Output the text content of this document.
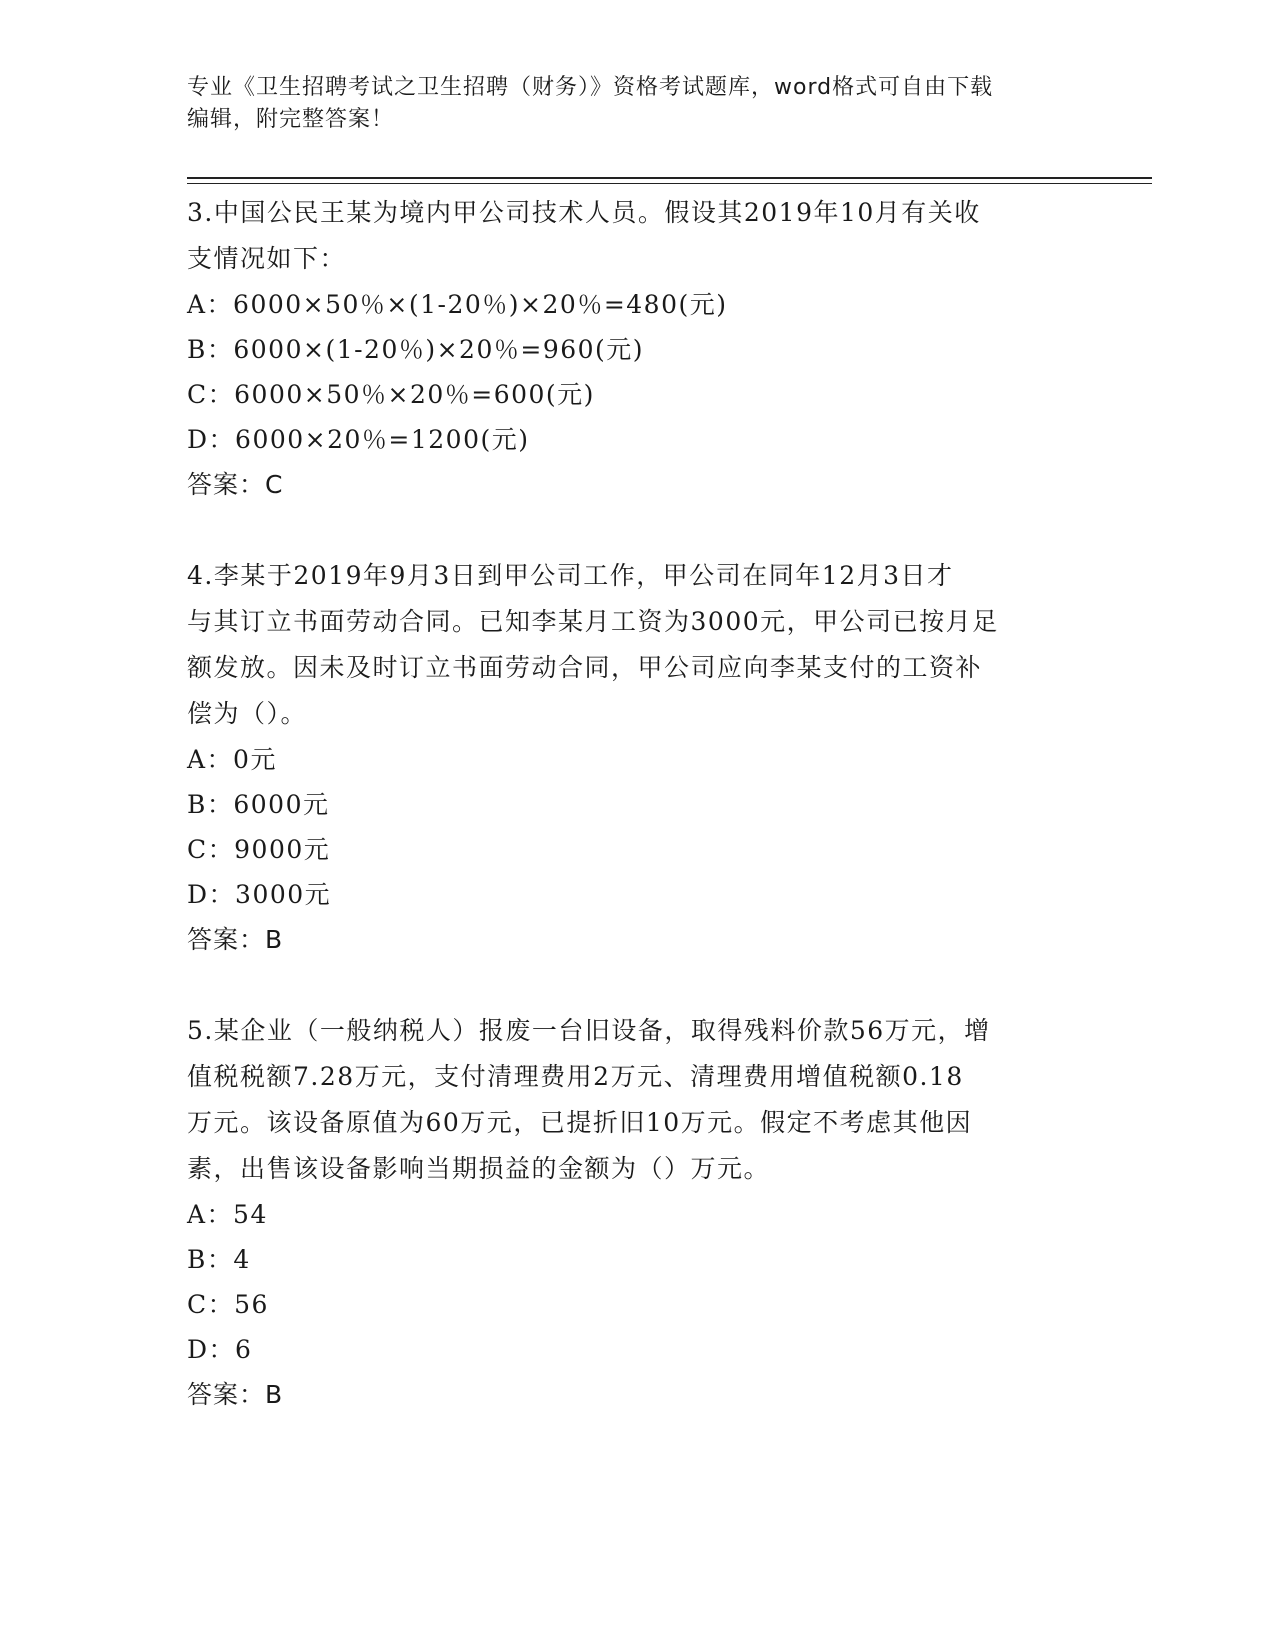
专业《卫生招聘考试之卫生招聘（财务）》资格考试题库，word格式可自由下载

编辑，附完整答案！

3.中国公民王某为境内甲公司技术人员。假设其2019年10月有关收

支情况如下：

A：6000×50％×(1-20％)×20％=480(元)

B：6000×(1-20％)×20％=960(元)

C：6000×50％×20％=600(元)

D：6000×20％=1200(元)

答案：C

4.李某于2019年9月3日到甲公司工作，甲公司在同年12月3日才

与其订立书面劳动合同。已知李某月工资为3000元，甲公司已按月足

额发放。因未及时订立书面劳动合同，甲公司应向李某支付的工资补

偿为（）。

A：0元

B：6000元

C：9000元

D：3000元

答案：B

5.某企业（一般纳税人）报废一台旧设备，取得残料价款56万元，增

值税税额7.28万元，支付清理费用2万元、清理费用增值税额0.18

万元。该设备原值为60万元，已提折旧10万元。假定不考虑其他因

素，出售该设备影响当期损益的金额为（）万元。

A：54

B：4

C：56

D：6

答案：B
